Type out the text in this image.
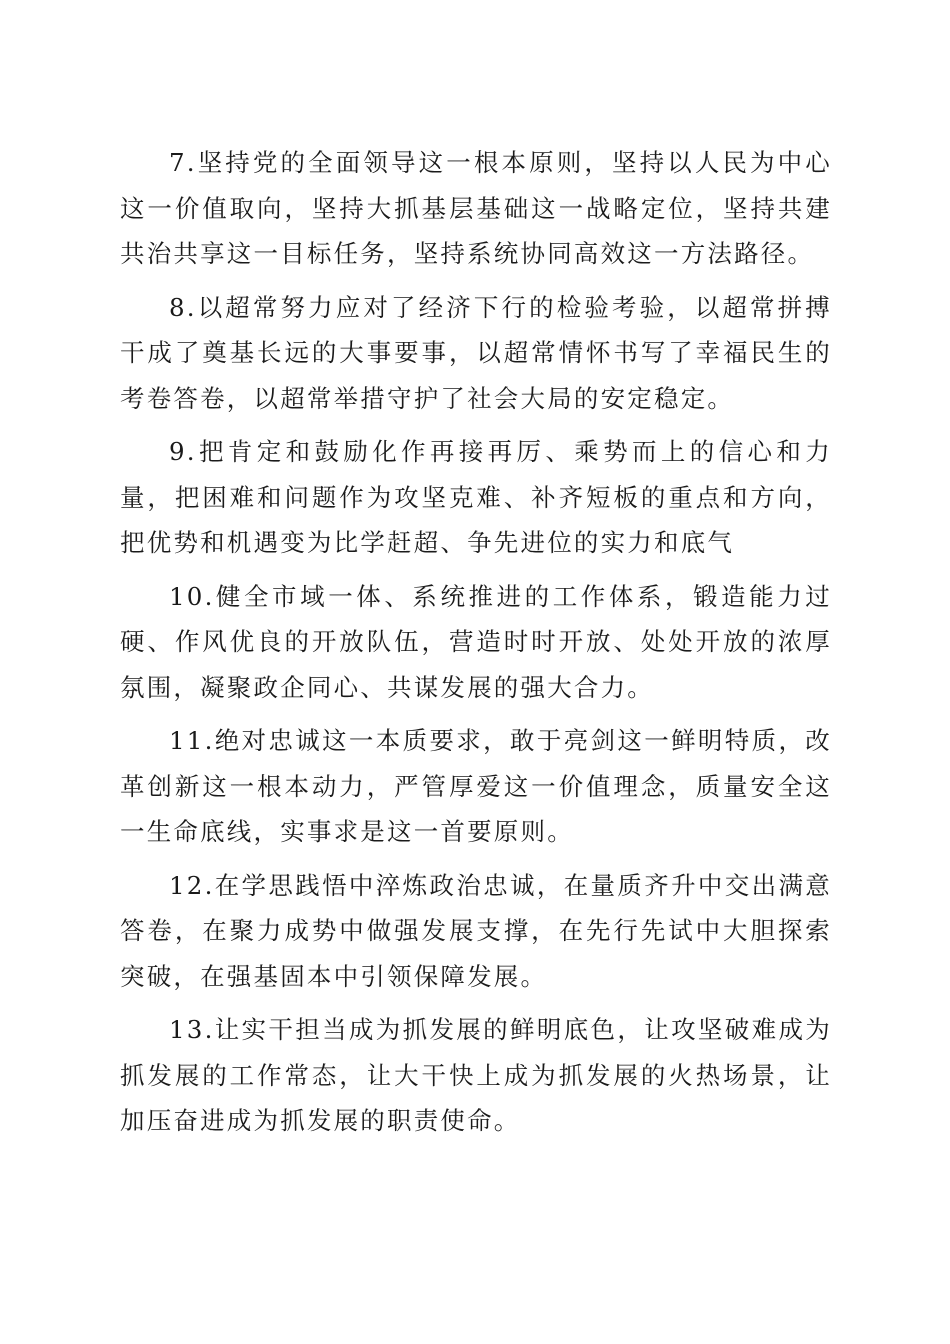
7.坚持党的全面领导这一根本原则，坚持以人民为中心这一价值取向，坚持大抓基层基础这一战略定位，坚持共建共治共享这一目标任务，坚持系统协同高效这一方法路径。

8.以超常努力应对了经济下行的检验考验，以超常拼搏干成了奠基长远的大事要事，以超常情怀书写了幸福民生的考卷答卷，以超常举措守护了社会大局的安定稳定。

9.把肯定和鼓励化作再接再厉、乘势而上的信心和力量，把困难和问题作为攻坚克难、补齐短板的重点和方向，把优势和机遇变为比学赶超、争先进位的实力和底气

10.健全市域一体、系统推进的工作体系，锻造能力过硬、作风优良的开放队伍，营造时时开放、处处开放的浓厚氛围，凝聚政企同心、共谋发展的强大合力。

11.绝对忠诚这一本质要求，敢于亮剑这一鲜明特质，改革创新这一根本动力，严管厚爱这一价值理念，质量安全这一生命底线，实事求是这一首要原则。

12.在学思践悟中淬炼政治忠诚，在量质齐升中交出满意答卷，在聚力成势中做强发展支撑，在先行先试中大胆探索突破，在强基固本中引领保障发展。

13.让实干担当成为抓发展的鲜明底色，让攻坚破难成为抓发展的工作常态，让大干快上成为抓发展的火热场景，让加压奋进成为抓发展的职责使命。
